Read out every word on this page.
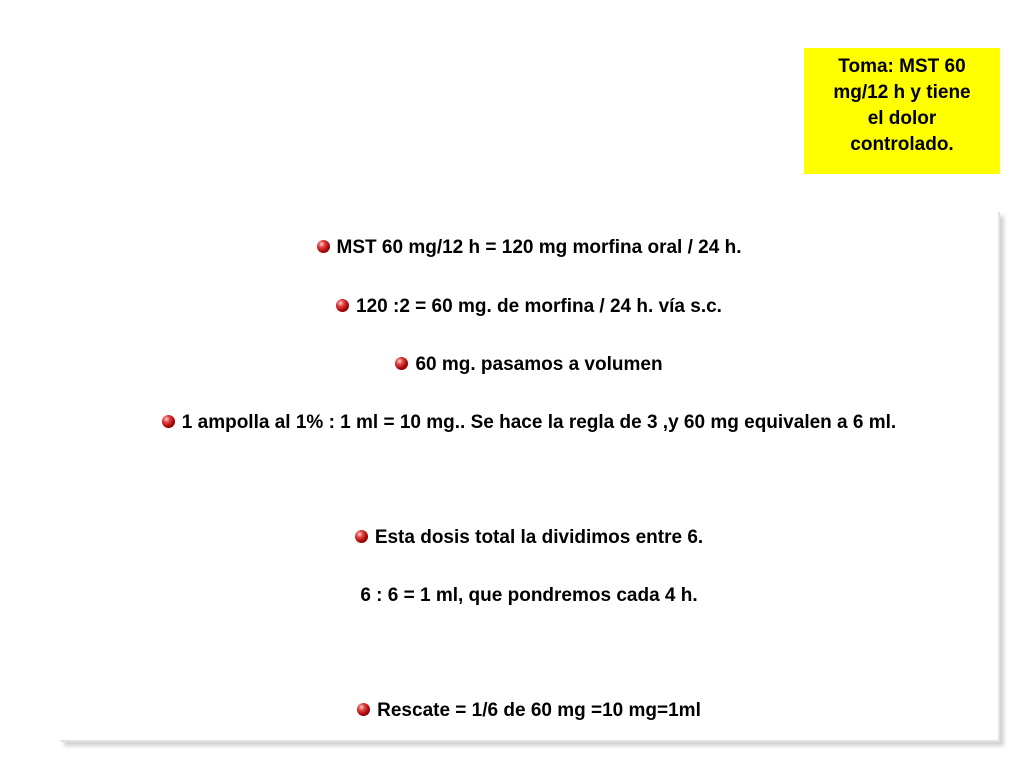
Toma: MST 60
mg/12 h y tiene
el dolor
controlado.
MST 60 mg/12 h = 120 mg morfina oral / 24 h.
120 :2 = 60 mg. de morfina / 24 h. vía s.c.
60 mg. pasamos a volumen
1 ampolla al 1% : 1 ml = 10 mg.. Se hace la regla de 3 ,y 60 mg equivalen a 6 ml.
Esta dosis total la dividimos entre 6.
6 : 6 = 1 ml, que pondremos cada 4 h.
Rescate = 1/6 de 60 mg =10 mg=1ml
